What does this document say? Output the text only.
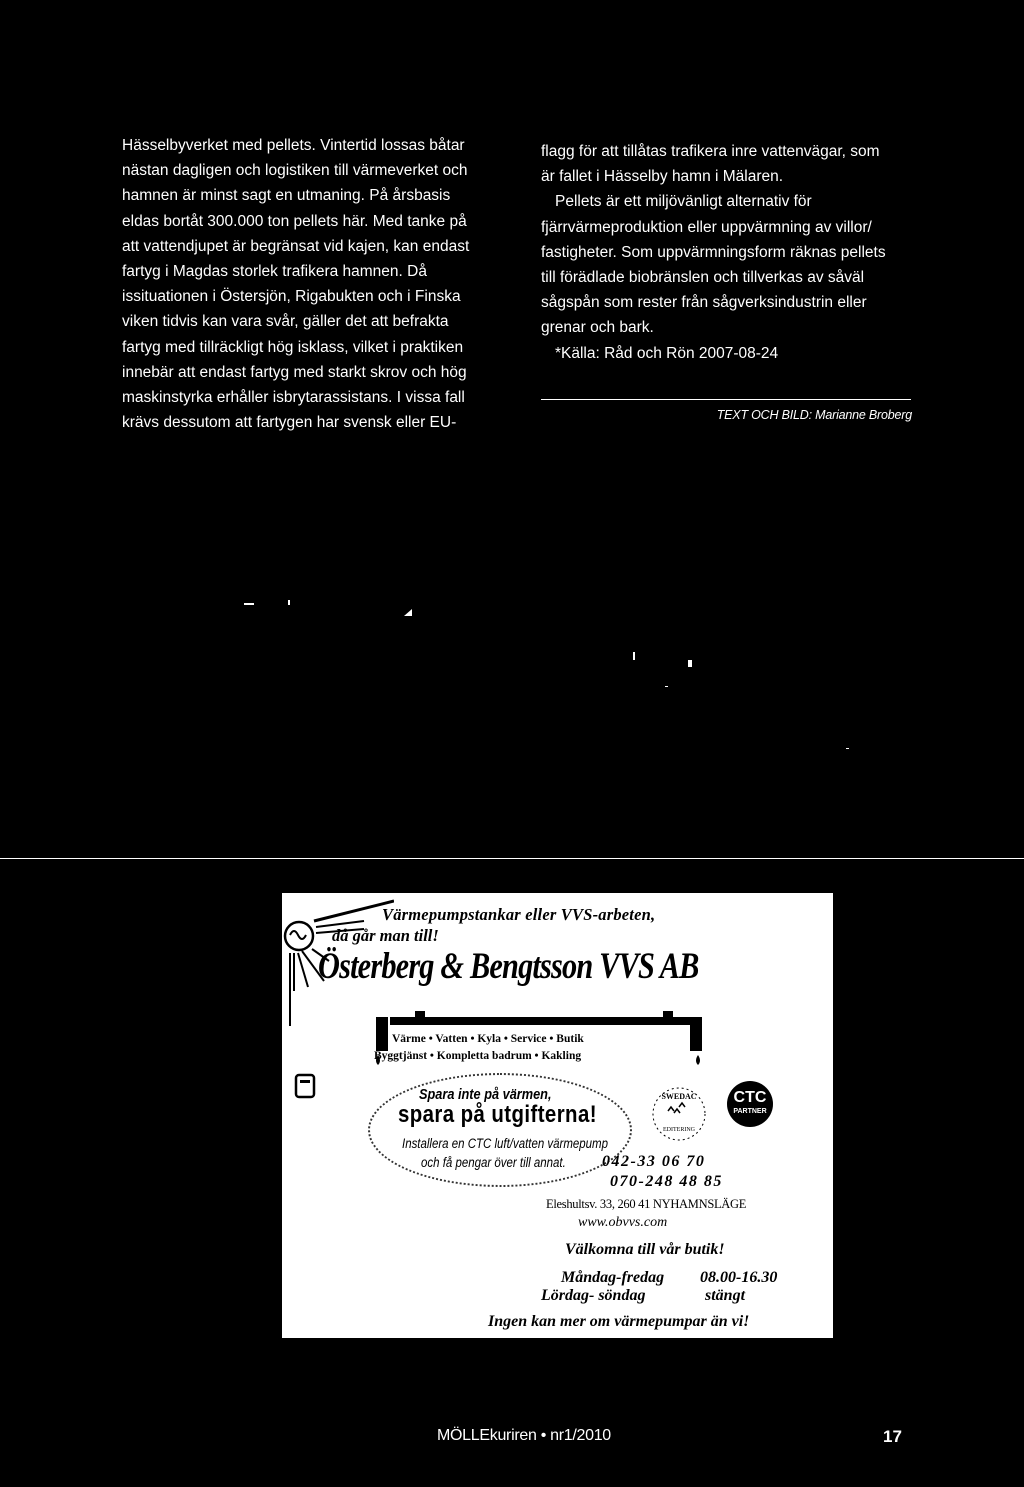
Hässelbyverket med pellets. Vintertid lossas båtar
nästan dagligen och logistiken till värmeverket och
hamnen är minst sagt en utmaning. På årsbasis
eldas bortåt 300.000 ton pellets här. Med tanke på
att vattendjupet är begränsat vid kajen, kan endast
fartyg i Magdas storlek trafikera hamnen. Då
issituationen i Östersjön, Rigabukten och i Finska
viken tidvis kan vara svår, gäller det att befrakta
fartyg med tillräckligt hög isklass, vilket i praktiken
innebär att endast fartyg med starkt skrov och hög
maskinstyrka erhåller isbrytarassistans. I vissa fall
krävs dessutom att fartygen har svensk eller EU-

flagg för att tillåtas trafikera inre vattenvägar, som
är fallet i Hässelby hamn i Mälaren.

Pellets är ett miljövänligt alternativ för
fjärrvärmeproduktion eller uppvärmning av villor/
fastigheter. Som uppvärmningsform räknas pellets
till förädlade biobränslen och tillverkas av såväl
sågspån som rester från sågverksindustrin eller
grenar och bark.

*Källa: Råd och Rön 2007-08-24

TEXT OCH BILD: Marianne Broberg
Värmepumpstankar eller VVS-arbeten,
då går man till!
Österberg & Bengtsson VVS AB
Värme • Vatten • Kyla • Service • Butik
Byggtjänst • Kompletta badrum • Kakling
Spara inte på värmen,
spara på utgifterna!
Installera en CTC luft/vatten värmepump
och få pengar över till annat.
SWEDAC
EDITERING
CTC
PARTNER
042-33 06 70
070-248 48 85
Eleshultsv. 33, 260 41 NYHAMNSLÄGE
www.obvvs.com
Välkomna till vår butik!
Måndag-fredag 08.00-16.30
Lördag- söndag	stängt
Ingen kan mer om värmepumpar än vi!
MÖLLEkuriren • nr1/2010	17
